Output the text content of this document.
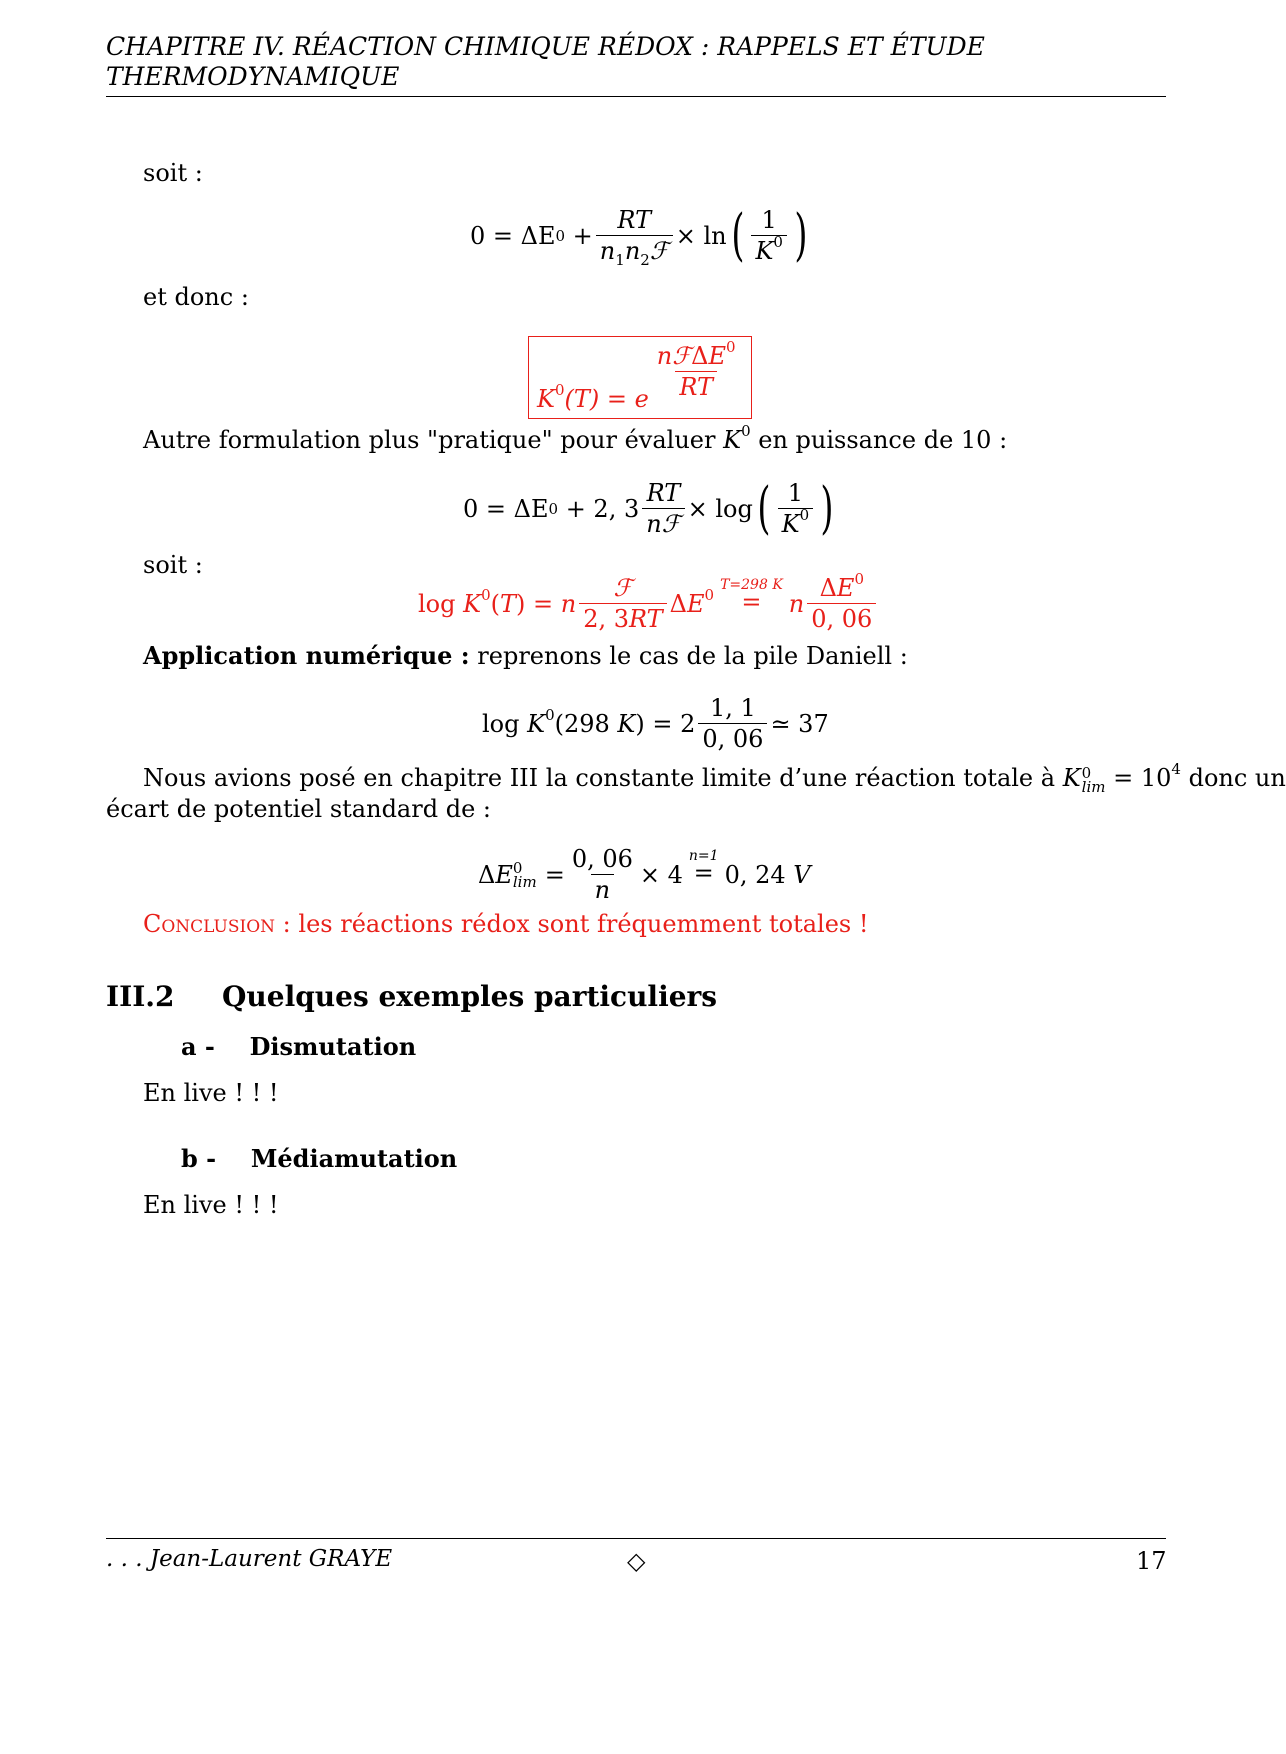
CHAPITRE IV. RÉACTION CHIMIQUE RÉDOX : RAPPELS ET ÉTUDE THERMODYNAMIQUE
soit :
0 = ΔE $0 + \frac{RT}{n_1n_2ℱ} \times \ln$ ( $\frac{1}{K^0}$ )
et donc :
$K^0(T) = e \frac{nℱ\Delta E^0}{RT}$
Autre formulation plus "pratique" pour évaluer $K^0$ en puissance de 10 :
0 = ΔE 0
+ 2, $3 \frac{RT}{\text{nℱ}} \times \log$ ( $\frac{1}{K^0}$ )
soit :
$\log K^0(T) = n \frac{\text{ℱ}}{2, 3RT} \Delta E^0$
T=298 K
= n $\frac{\Delta E^0}{0, 06}$
Application numérique : reprenons le cas de la pile Daniell :
$\log K^0(298$ $K) = 2 \frac{1, 1}{0, 06}$ ≃ 37
Nous avions posé en chapitre III la constante limite d’une réaction totale à K 0
$\lim = 10^4$ donc un
écart de potentiel standard de :
ΔE 0
$\lim = \frac{0, 06}{n} \times 4$
n=1
= 0, 24 V
Conclusion : les réactions rédox sont fréquemment totales !
III.2 Quelques exemples particuliers
a - Dismutation
En live ! ! !
b - Médiamutation
En live ! ! !
. . . Jean-Laurent GRAYE	◇	17
